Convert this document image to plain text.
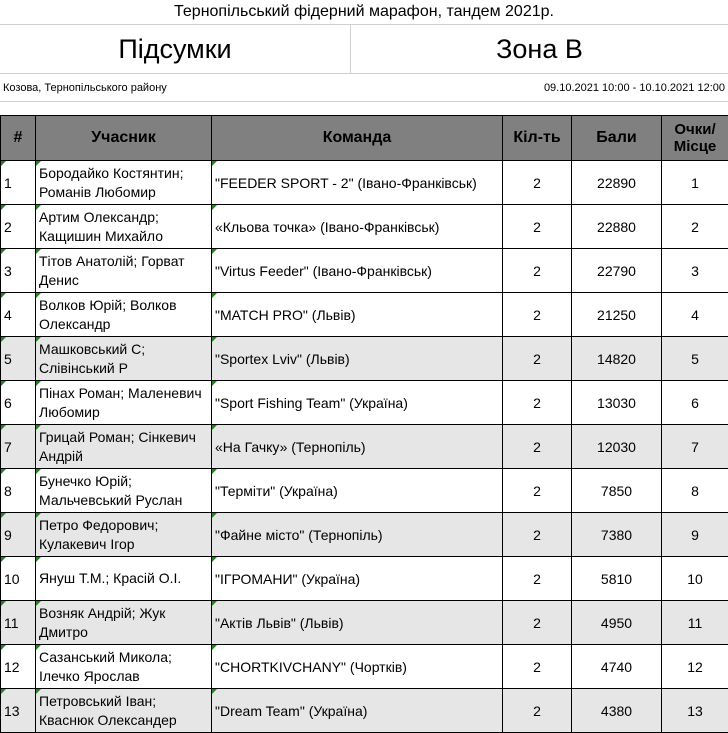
Тернопільський фідерний марафон, тандем 2021р.
Підсумки	Зона B
Козова, Тернопільського району	09.10.2021 10:00 - 10.10.2021 12:00
#	Учасник	Команда	Кіл-ть	Бали	Очки/
Місце
1	Бородайко Костянтин; Романів Любомир	"FEEDER SPORT - 2" (Івано-Франківськ)	2	22890	1
2	Артим Олександр; Кащишин Михайло	«Кльова точка» (Івано-Франківськ)	2	22880	2
3	Тітов Анатолій; Горват Денис	"Virtus Feeder" (Івано-Франківськ)	2	22790	3
4	Волков Юрій; Волков Олександр	"MATCH PRO" (Львів)	2	21250	4
5	Машковський С; Слівінський Р	"Sportex Lviv" (Львів)	2	14820	5
6	Пінах Роман; Маленевич Любомир	"Sport Fishing Team" (Україна)	2	13030	6
7	Грицай Роман; Сінкевич Андрій	«На Гачку» (Тернопіль)	2	12030	7
8	Бунечко Юрій; Мальчевський Руслан	"Терміти" (Україна)	2	7850	8
9	Петро Федорович; Кулакевич Ігор	"Файне місто" (Тернопіль)	2	7380	9
10	Януш Т.М.; Красій О.І.	"ІГРОМАНИ" (Україна)	2	5810	10
11	Возняк Андрій; Жук Дмитро	"Актів Львів" (Львів)	2	4950	11
12	Сазанський Микола; Ілечко Ярослав	"CHORTKIVCHANY" (Чортків)	2	4740	12
13	Петровський Іван; Кваснюк Олександер	"Dream Team" (Україна)	2	4380	13
